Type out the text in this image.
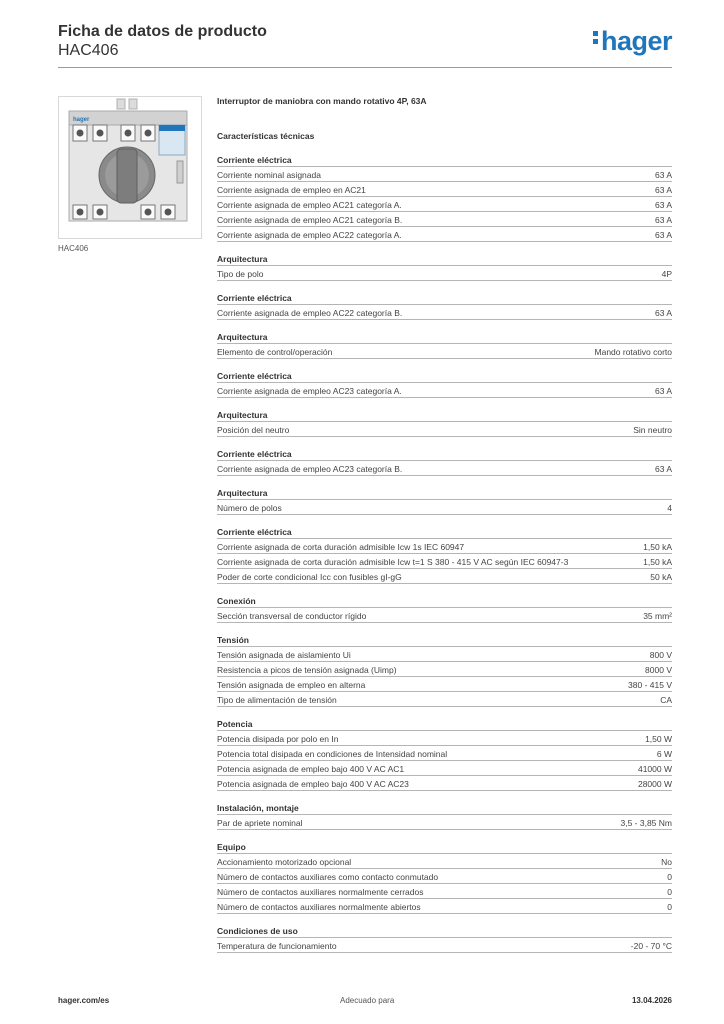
Ficha de datos de producto
HAC406	hager
hager
HAC406
Interruptor de maniobra con mando rotativo 4P, 63A
Características técnicas
Corriente eléctrica
Corriente nominal asignada	63 A
Corriente asignada de empleo en AC21	63 A
Corriente asignada de empleo AC21 categoría A.	63 A
Corriente asignada de empleo AC21 categoría B.	63 A
Corriente asignada de empleo AC22 categoría A.	63 A
Arquitectura
Tipo de polo	4P
Corriente eléctrica
Corriente asignada de empleo AC22 categoría B.	63 A
Arquitectura
Elemento de control/operación	Mando rotativo corto
Corriente eléctrica
Corriente asignada de empleo AC23 categoría A.	63 A
Arquitectura
Posición del neutro	Sin neutro
Corriente eléctrica
Corriente asignada de empleo AC23 categoría B.	63 A
Arquitectura
Número de polos	4
Corriente eléctrica
Corriente asignada de corta duración admisible Icw 1s IEC 60947	1,50 kA
Corriente asignada de corta duración admisible Icw t=1 S 380 - 415 V AC según IEC 60947-3	1,50 kA
Poder de corte condicional Icc con fusibles gI-gG	50 kA
Conexión
Sección transversal de conductor rígido	35 mm²
Tensión
Tensión asignada de aislamiento Ui	800 V
Resistencia a picos de tensión asignada (Uimp)	8000 V
Tensión asignada de empleo en alterna	380 - 415 V
Tipo de alimentación de tensión	CA
Potencia
Potencia disipada por polo en In	1,50 W
Potencia total disipada en condiciones de Intensidad nominal	6 W
Potencia asignada de empleo bajo 400 V AC AC1	41000 W
Potencia asignada de empleo bajo 400 V AC AC23	28000 W
Instalación, montaje
Par de apriete nominal	3,5 - 3,85 Nm
Equipo
Accionamiento motorizado opcional	No
Número de contactos auxiliares como contacto conmutado	0
Número de contactos auxiliares normalmente cerrados	0
Número de contactos auxiliares normalmente abiertos	0
Condiciones de uso
Temperatura de funcionamiento	-20 - 70 °C
hager.com/es	Adecuado para	13.04.2026
